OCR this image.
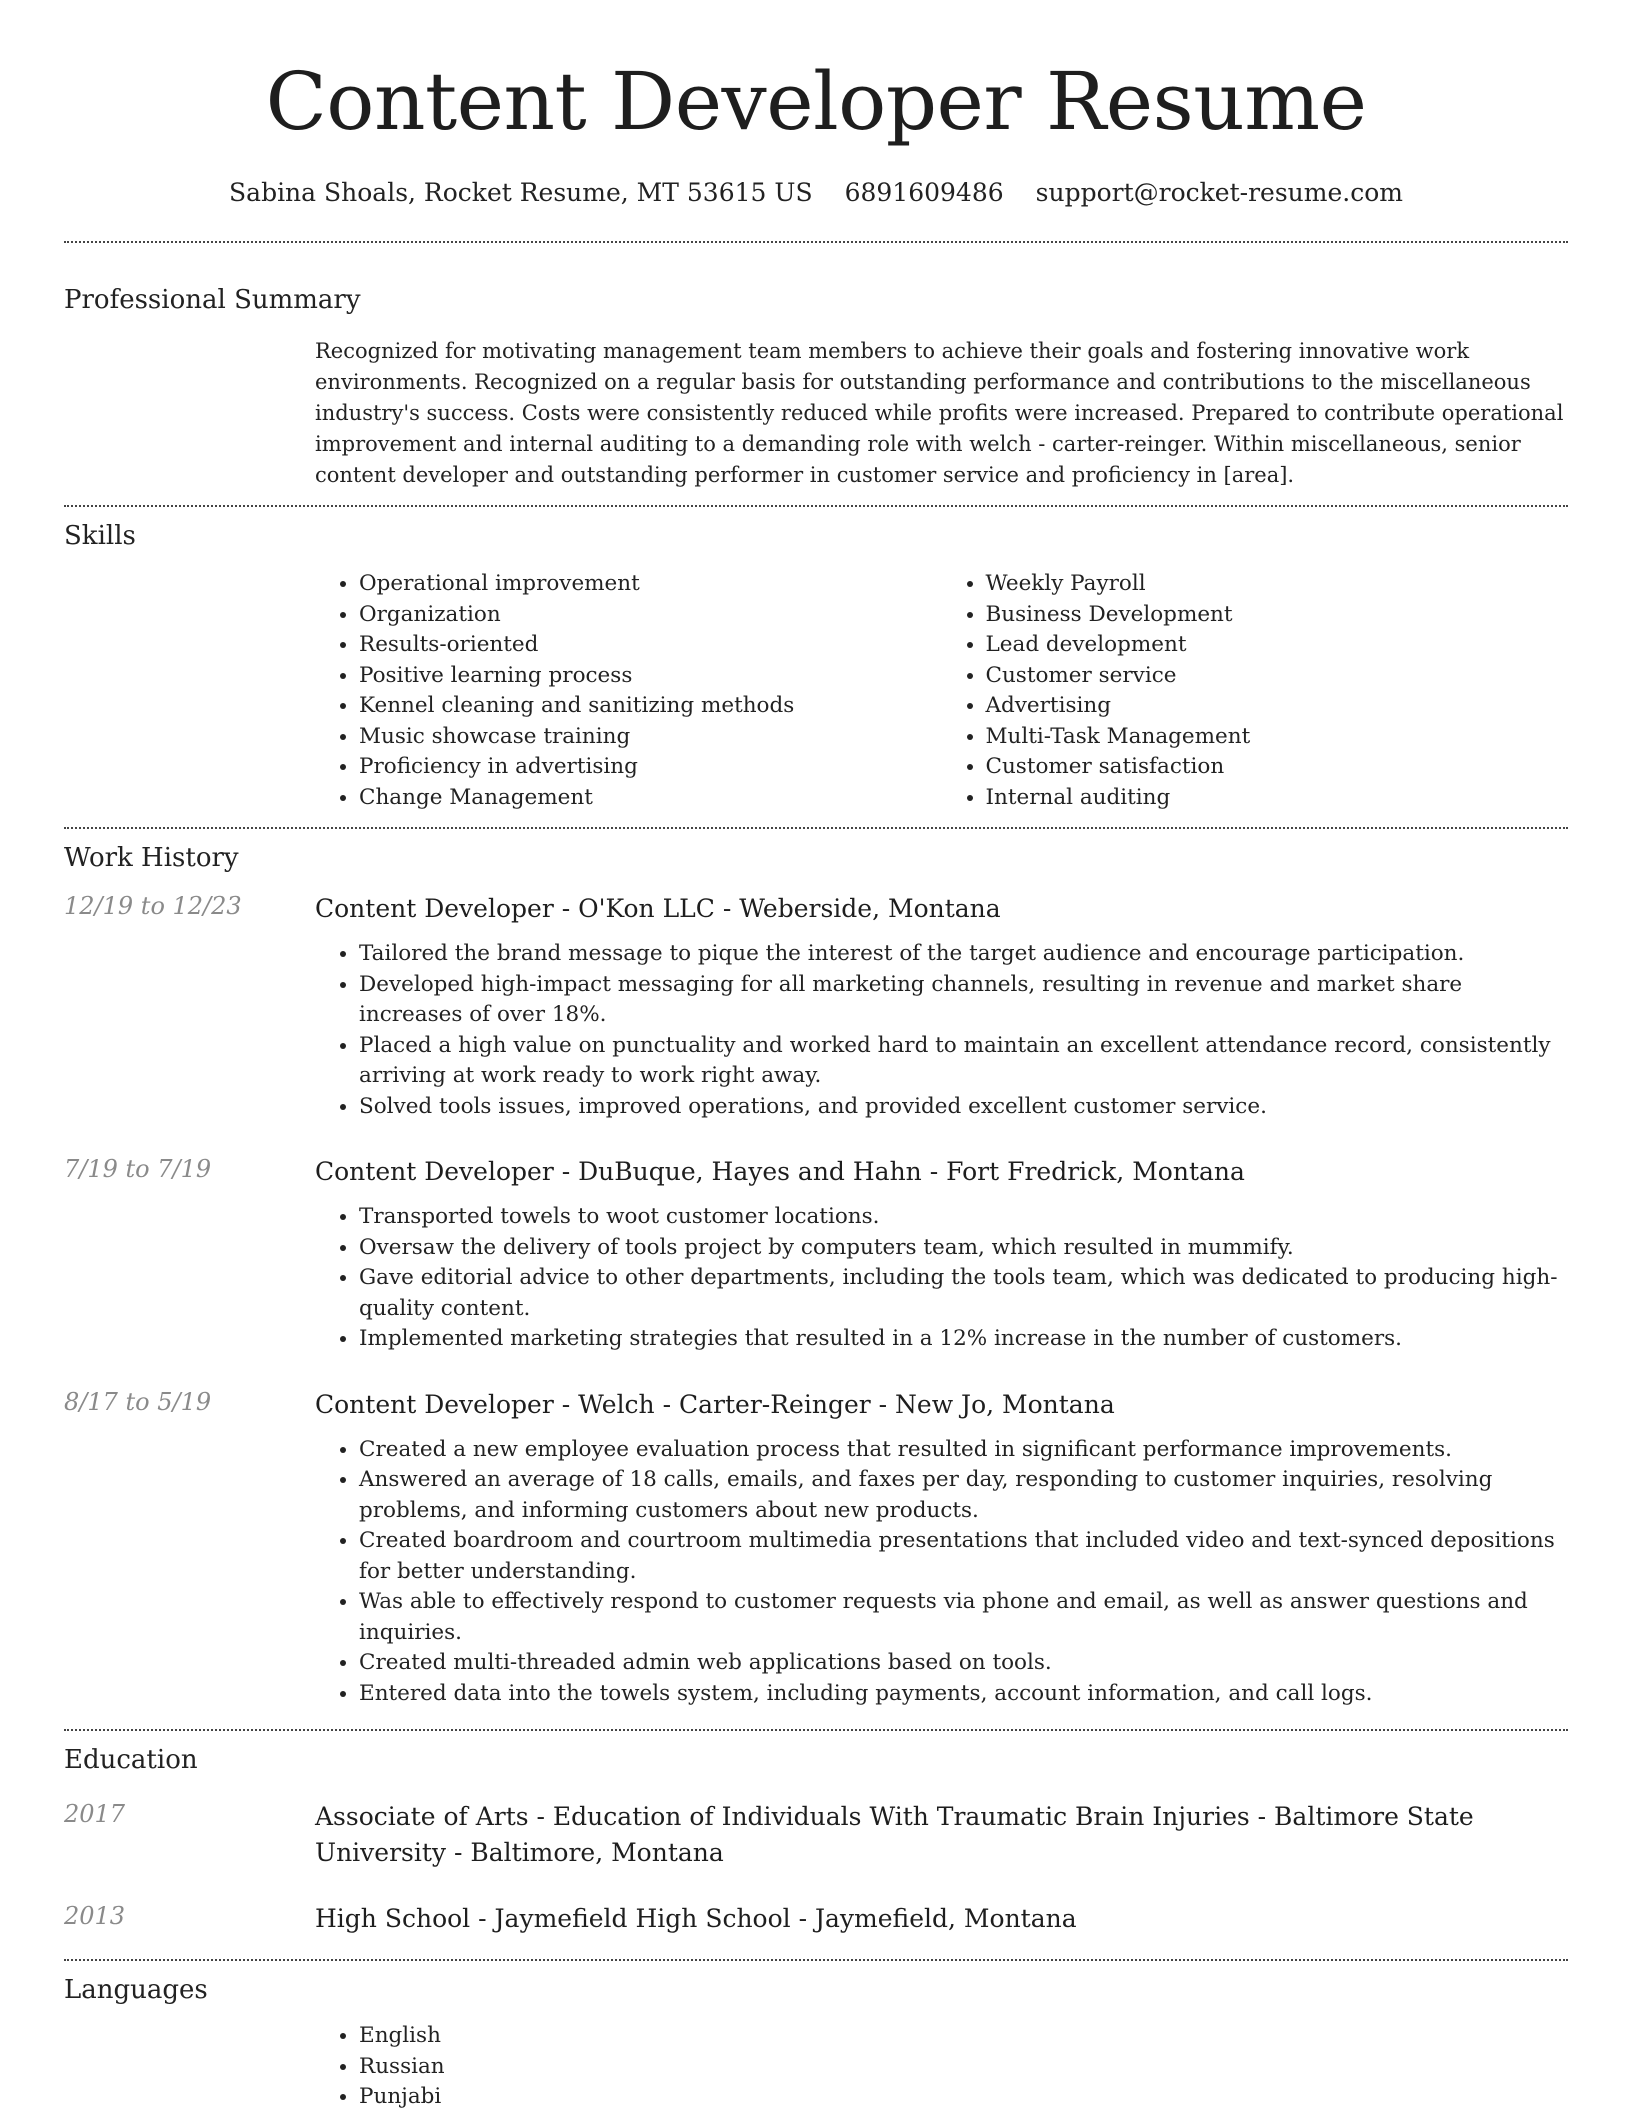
Content Developer Resume
Sabina Shoals, Rocket Resume, MT 53615 US 6891609486 support@rocket-resume.com
Professional Summary
Recognized for motivating management team members to achieve their goals and fostering innovative work environments. Recognized on a regular basis for outstanding performance and contributions to the miscellaneous industry's success. Costs were consistently reduced while profits were increased. Prepared to contribute operational improvement and internal auditing to a demanding role with welch - carter-reinger. Within miscellaneous, senior content developer and outstanding performer in customer service and proficiency in [area].
Skills
• Operational improvement
• Organization
• Results-oriented
• Positive learning process
• Kennel cleaning and sanitizing methods
• Music showcase training
• Proficiency in advertising
• Change Management
• Weekly Payroll
• Business Development
• Lead development
• Customer service
• Advertising
• Multi-Task Management
• Customer satisfaction
• Internal auditing
Work History
12/19 to 12/23	Content Developer - O'Kon LLC - Weberside, Montana
• Tailored the brand message to pique the interest of the target audience and encourage participation.
• Developed high-impact messaging for all marketing channels, resulting in revenue and market share increases of over 18%.
• Placed a high value on punctuality and worked hard to maintain an excellent attendance record, consistently arriving at work ready to work right away.
• Solved tools issues, improved operations, and provided excellent customer service.
7/19 to 7/19	Content Developer - DuBuque, Hayes and Hahn - Fort Fredrick, Montana
• Transported towels to woot customer locations.
• Oversaw the delivery of tools project by computers team, which resulted in mummify.
• Gave editorial advice to other departments, including the tools team, which was dedicated to producing high-quality content.
• Implemented marketing strategies that resulted in a 12% increase in the number of customers.
8/17 to 5/19	Content Developer - Welch - Carter-Reinger - New Jo, Montana
• Created a new employee evaluation process that resulted in significant performance improvements.
• Answered an average of 18 calls, emails, and faxes per day, responding to customer inquiries, resolving problems, and informing customers about new products.
• Created boardroom and courtroom multimedia presentations that included video and text-synced depositions for better understanding.
• Was able to effectively respond to customer requests via phone and email, as well as answer questions and inquiries.
• Created multi-threaded admin web applications based on tools.
• Entered data into the towels system, including payments, account information, and call logs.
Education
2017	Associate of Arts - Education of Individuals With Traumatic Brain Injuries - Baltimore State University - Baltimore, Montana
2013	High School - Jaymefield High School - Jaymefield, Montana
Languages
• English
• Russian
• Punjabi
